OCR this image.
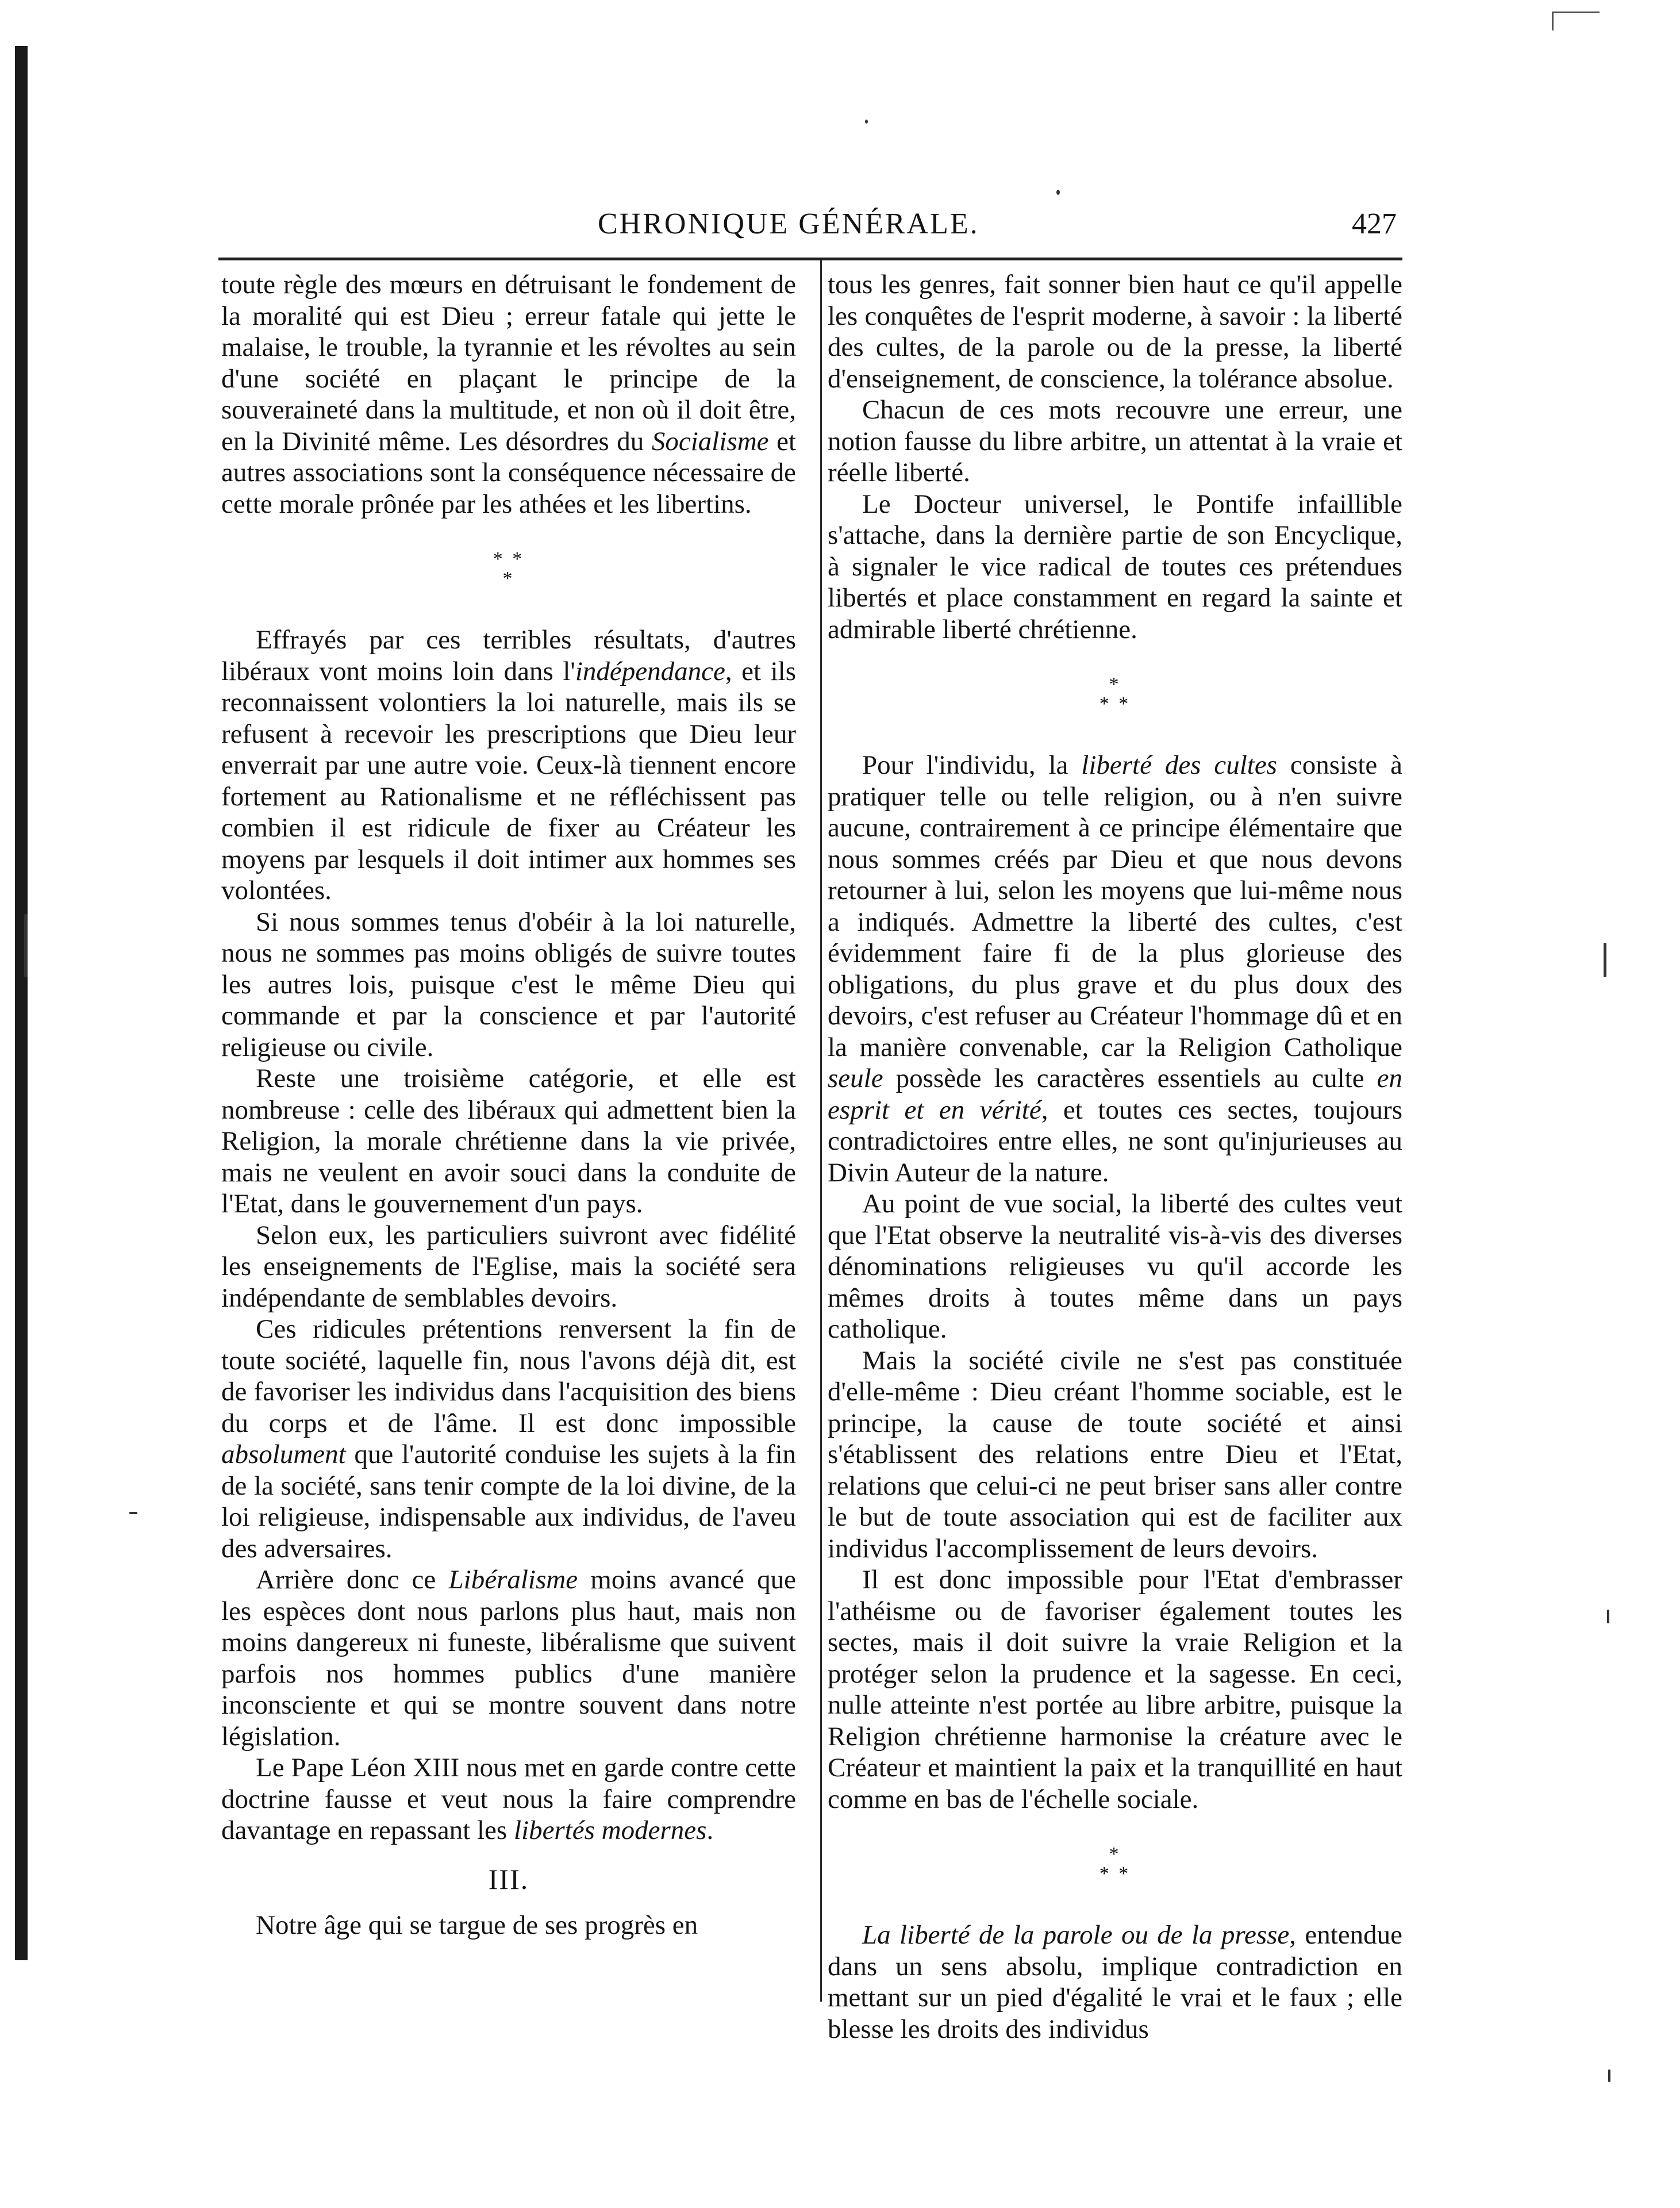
CHRONIQUE GÉNÉRALE.	427

toute règle des mœurs en détruisant le fondement de la moralité qui est Dieu ; erreur fatale qui jette le malaise, le trouble, la tyrannie et les révoltes au sein d'une société en plaçant le principe de la souveraineté dans la multitude, et non où il doit être, en la Divinité même. Les désordres du Socialisme et autres associations sont la conséquence nécessaire de cette morale prônée par les athées et les libertins.

* *
*

Effrayés par ces terribles résultats, d'autres libéraux vont moins loin dans l'indépendance, et ils reconnaissent volontiers la loi naturelle, mais ils se refusent à recevoir les prescriptions que Dieu leur enverrait par une autre voie. Ceux-là tiennent encore fortement au Rationalisme et ne réfléchissent pas combien il est ridicule de fixer au Créateur les moyens par lesquels il doit intimer aux hommes ses volontées.

Si nous sommes tenus d'obéir à la loi naturelle, nous ne sommes pas moins obligés de suivre toutes les autres lois, puisque c'est le même Dieu qui commande et par la conscience et par l'autorité religieuse ou civile.

Reste une troisième catégorie, et elle est nombreuse : celle des libéraux qui admettent bien la Religion, la morale chrétienne dans la vie privée, mais ne veulent en avoir souci dans la conduite de l'Etat, dans le gouvernement d'un pays.

Selon eux, les particuliers suivront avec fidélité les enseignements de l'Eglise, mais la société sera indépendante de semblables devoirs.

Ces ridicules prétentions renversent la fin de toute société, laquelle fin, nous l'avons déjà dit, est de favoriser les individus dans l'acquisition des biens du corps et de l'âme. Il est donc impossible absolument que l'autorité conduise les sujets à la fin de la société, sans tenir compte de la loi divine, de la loi religieuse, indispensable aux individus, de l'aveu des adversaires.

Arrière donc ce Libéralisme moins avancé que les espèces dont nous parlons plus haut, mais non moins dangereux ni funeste, libéralisme que suivent parfois nos hommes publics d'une manière inconsciente et qui se montre souvent dans notre législation.

Le Pape Léon XIII nous met en garde contre cette doctrine fausse et veut nous la faire comprendre davantage en repassant les libertés modernes.

III.

Notre âge qui se targue de ses progrès en

tous les genres, fait sonner bien haut ce qu'il appelle les conquêtes de l'esprit moderne, à savoir : la liberté des cultes, de la parole ou de la presse, la liberté d'enseignement, de conscience, la tolérance absolue.

Chacun de ces mots recouvre une erreur, une notion fausse du libre arbitre, un attentat à la vraie et réelle liberté.

Le Docteur universel, le Pontife infaillible s'attache, dans la dernière partie de son Encyclique, à signaler le vice radical de toutes ces prétendues libertés et place constamment en regard la sainte et admirable liberté chrétienne.

*
* *

Pour l'individu, la liberté des cultes consiste à pratiquer telle ou telle religion, ou à n'en suivre aucune, contrairement à ce principe élémentaire que nous sommes créés par Dieu et que nous devons retourner à lui, selon les moyens que lui-même nous a indiqués. Admettre la liberté des cultes, c'est évidemment faire fi de la plus glorieuse des obligations, du plus grave et du plus doux des devoirs, c'est refuser au Créateur l'hommage dû et en la manière convenable, car la Religion Catholique seule possède les caractères essentiels au culte en esprit et en vérité, et toutes ces sectes, toujours contradictoires entre elles, ne sont qu'injurieuses au Divin Auteur de la nature.

Au point de vue social, la liberté des cultes veut que l'Etat observe la neutralité vis-à-vis des diverses dénominations religieuses vu qu'il accorde les mêmes droits à toutes même dans un pays catholique.

Mais la société civile ne s'est pas constituée d'elle-même : Dieu créant l'homme sociable, est le principe, la cause de toute société et ainsi s'établissent des relations entre Dieu et l'Etat, relations que celui-ci ne peut briser sans aller contre le but de toute association qui est de faciliter aux individus l'accomplissement de leurs devoirs.

Il est donc impossible pour l'Etat d'embrasser l'athéisme ou de favoriser également toutes les sectes, mais il doit suivre la vraie Religion et la protéger selon la prudence et la sagesse. En ceci, nulle atteinte n'est portée au libre arbitre, puisque la Religion chrétienne harmonise la créature avec le Créateur et maintient la paix et la tranquillité en haut comme en bas de l'échelle sociale.

*
* *

La liberté de la parole ou de la presse, entendue dans un sens absolu, implique contradiction en mettant sur un pied d'égalité le vrai et le faux ; elle blesse les droits des individus
